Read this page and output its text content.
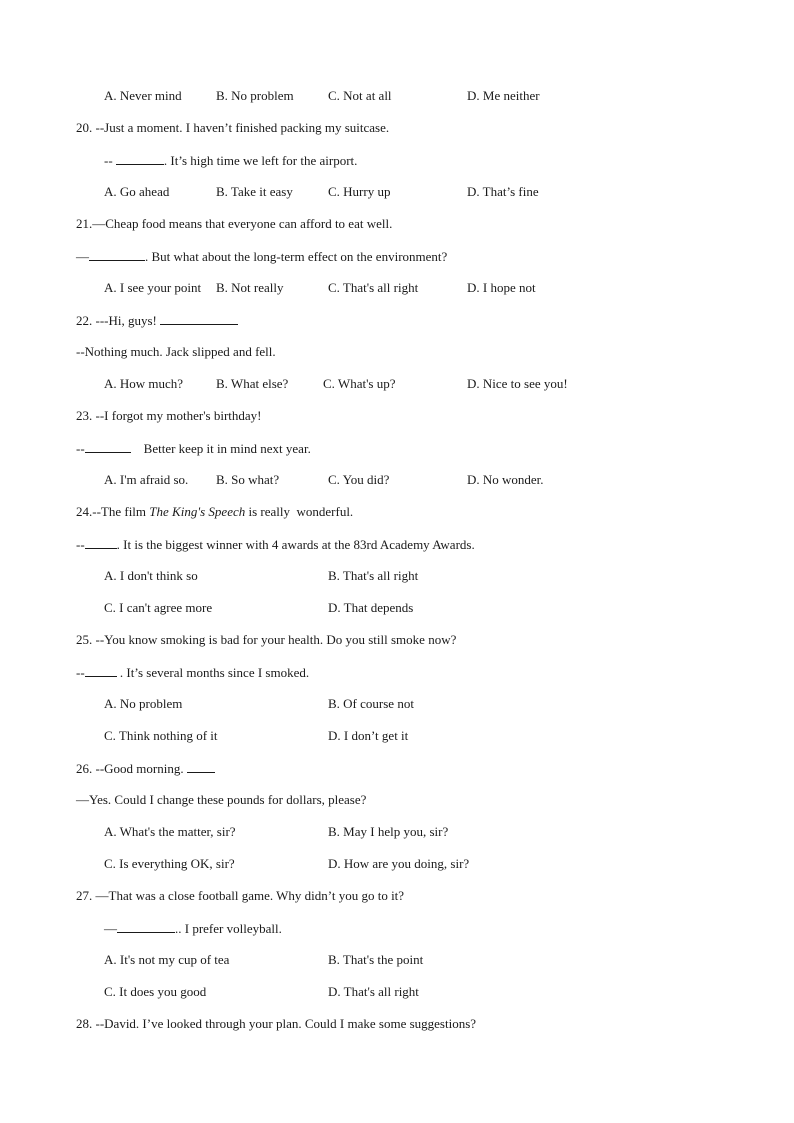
A. Never mind	B. No problem	C. Not at all	D. Me neither
20. --Just a moment. I haven’t finished packing my suitcase.
--	. It’s high time we left for the airport.
A. Go ahead	B. Take it easy	C. Hurry up	D. That’s fine
21.—Cheap food means that everyone can afford to eat well.
—	. But what about the long-term effect on the environment?
A. I see your point B. Not really	C. That's all right	D. I hope not
22. ---Hi, guys!
--Nothing much. Jack slipped and fell.
A. How much?	B. What else?	C. What's up?	D. Nice to see you!
23. --I forgot my mother's birthday!
--	Better keep it in mind next year.
A. I'm afraid so. B. So what?	C. You did?	D. No wonder.
24.--The film The King's Speech is really  wonderful.
-- . It is the biggest winner with 4 awards at the 83rd Academy Awards.
A. I don't think so	B. That's all right
C. I can't agree more	D. That depends
25. --You know smoking is bad for your health. Do you still smoke now?
-- . It’s several months since I smoked.
A. No problem	B. Of course not
C. Think nothing of it	D. I don’t get it
26. --Good morning.
—Yes. Could I change these pounds for dollars, please?
A. What's the matter, sir?	B. May I help you, sir?
C. Is everything OK, sir?	D. How are you doing, sir?
27. —That was a close football game. Why didn’t you go to it?
—	.. I prefer volleyball.
A. It's not my cup of tea	B. That's the point
C. It does you good	D. That's all right
28. --David. I’ve looked through your plan. Could I make some suggestions?
